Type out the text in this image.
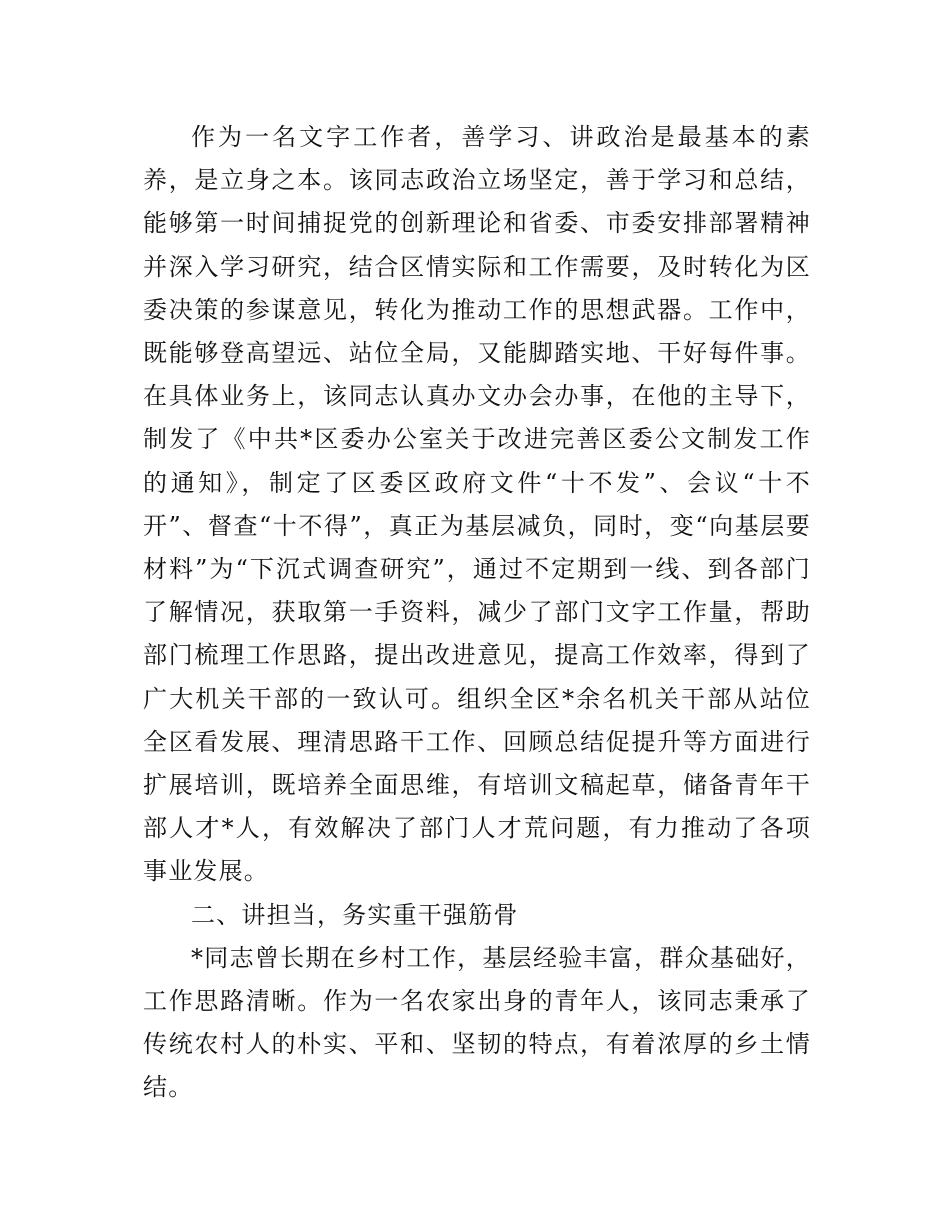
作为一名文字工作者，善学习、讲政治是最基本的素养，是立身之本。该同志政治立场坚定，善于学习和总结，能够第一时间捕捉党的创新理论和省委、市委安排部署精神并深入学习研究，结合区情实际和工作需要，及时转化为区委决策的参谋意见，转化为推动工作的思想武器。工作中，既能够登高望远、站位全局，又能脚踏实地、干好每件事。在具体业务上，该同志认真办文办会办事，在他的主导下，制发了《中共*区委办公室关于改进完善区委公文制发工作的通知》，制定了区委区政府文件“十不发”、会议“十不开”、督查“十不得”，真正为基层减负，同时，变“向基层要材料”为“下沉式调查研究”，通过不定期到一线、到各部门了解情况，获取第一手资料，减少了部门文字工作量，帮助部门梳理工作思路，提出改进意见，提高工作效率，得到了广大机关干部的一致认可。组织全区*余名机关干部从站位全区看发展、理清思路干工作、回顾总结促提升等方面进行扩展培训，既培养全面思维，有培训文稿起草，储备青年干部人才*人，有效解决了部门人才荒问题，有力推动了各项事业发展。

二、讲担当，务实重干强筋骨

*同志曾长期在乡村工作，基层经验丰富，群众基础好，工作思路清晰。作为一名农家出身的青年人，该同志秉承了传统农村人的朴实、平和、坚韧的特点，有着浓厚的乡土情结。
